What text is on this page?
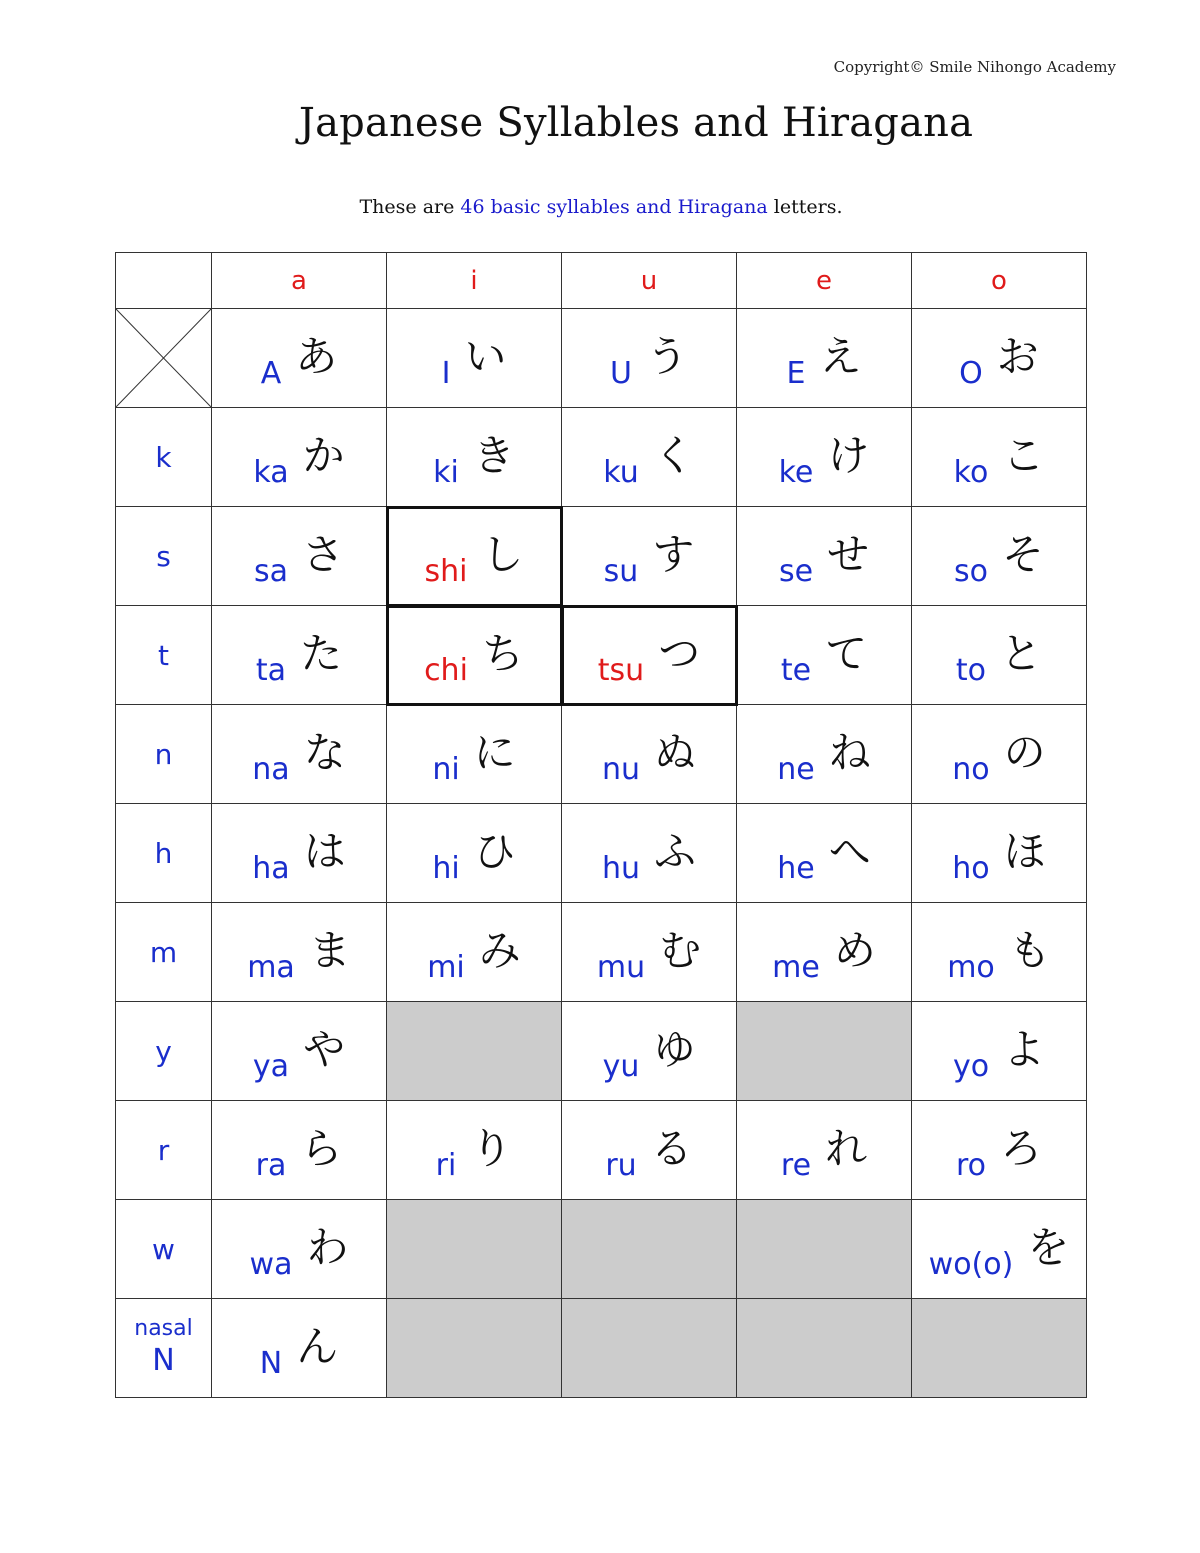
Copyright© Smile Nihongo Academy
Japanese Syllables and Hiragana
These are 46 basic syllables and Hiragana letters.
	a	i	u	e	o

	A あ	I い	U う	E え	O お
k	ka か	ki き	ku く	ke け	ko こ
s	sa さ	shi し	su す	se せ	so そ
t	ta た	chi ち	tsu つ	te て	to と
n	na な	ni に	nu ぬ	ne ね	no の
h	ha は	hi ひ	hu ふ	he へ	ho ほ
m	ma ま	mi み	mu む	me め	mo も
y	ya や		yu ゆ		yo よ
r	ra ら	ri り	ru る	re れ	ro ろ
w	wa わ				wo(o) を

nasal
N	N ん				
